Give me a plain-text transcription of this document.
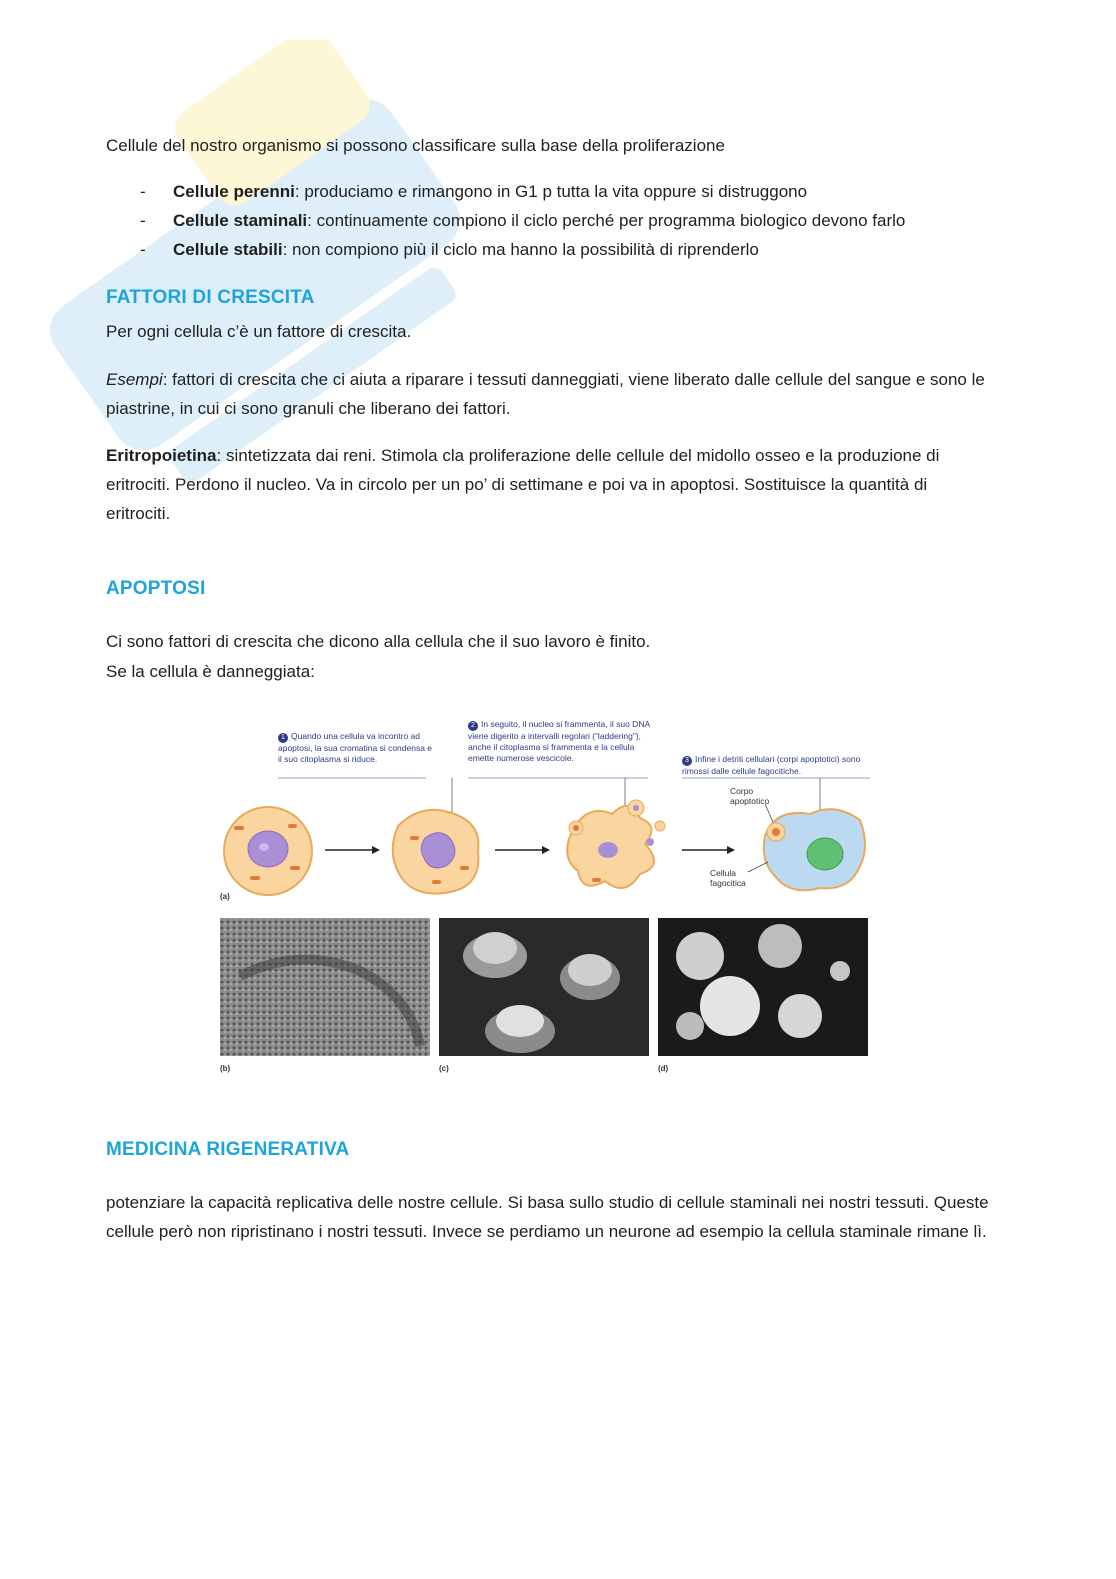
Cellule del nostro organismo si possono classificare sulla base della proliferazione

- Cellule perenni: produciamo e rimangono in G1 p tutta la vita oppure si distruggono
- Cellule staminali: continuamente compiono il ciclo perché per programma biologico devono farlo
- Cellule stabili: non compiono più il ciclo ma hanno la possibilità di riprenderlo
FATTORI DI CRESCITA

Per ogni cellula c’è un fattore di crescita.

Esempi: fattori di crescita che ci aiuta a riparare i tessuti danneggiati, viene liberato dalle cellule del sangue e sono le piastrine, in cui ci sono granuli che liberano dei fattori.

Eritropoietina: sintetizzata dai reni. Stimola cla proliferazione delle cellule del midollo osseo e la produzione di eritrociti. Perdono il nucleo. Va in circolo per un po’ di settimane e poi va in apoptosi. Sostituisce la quantità di eritrociti.

APOPTOSI

Ci sono fattori di crescita che dicono alla cellula che il suo lavoro è finito.

Se la cellula è danneggiata:

1 Quando una cellula va incontro ad apoptosi, la sua cromatina si condensa e il suo citoplasma si riduce.
2 In seguito, il nucleo si frammenta, il suo DNA viene digerito a intervalli regolari (“laddering”), anche il citoplasma si frammenta e la cellula emette numerose vescicole.	3 Infine i detriti cellulari (corpi apoptotici) sono rimossi dalle cellule fagocitiche.
Corpo apoptotico
Cellula fagocitica
(a)
(b)	(c)	(d)
MEDICINA RIGENERATIVA

potenziare la capacità replicativa delle nostre cellule. Si basa sullo studio di cellule staminali nei nostri tessuti. Queste cellule però non ripristinano i nostri tessuti. Invece se perdiamo un neurone ad esempio la cellula staminale rimane lì.
